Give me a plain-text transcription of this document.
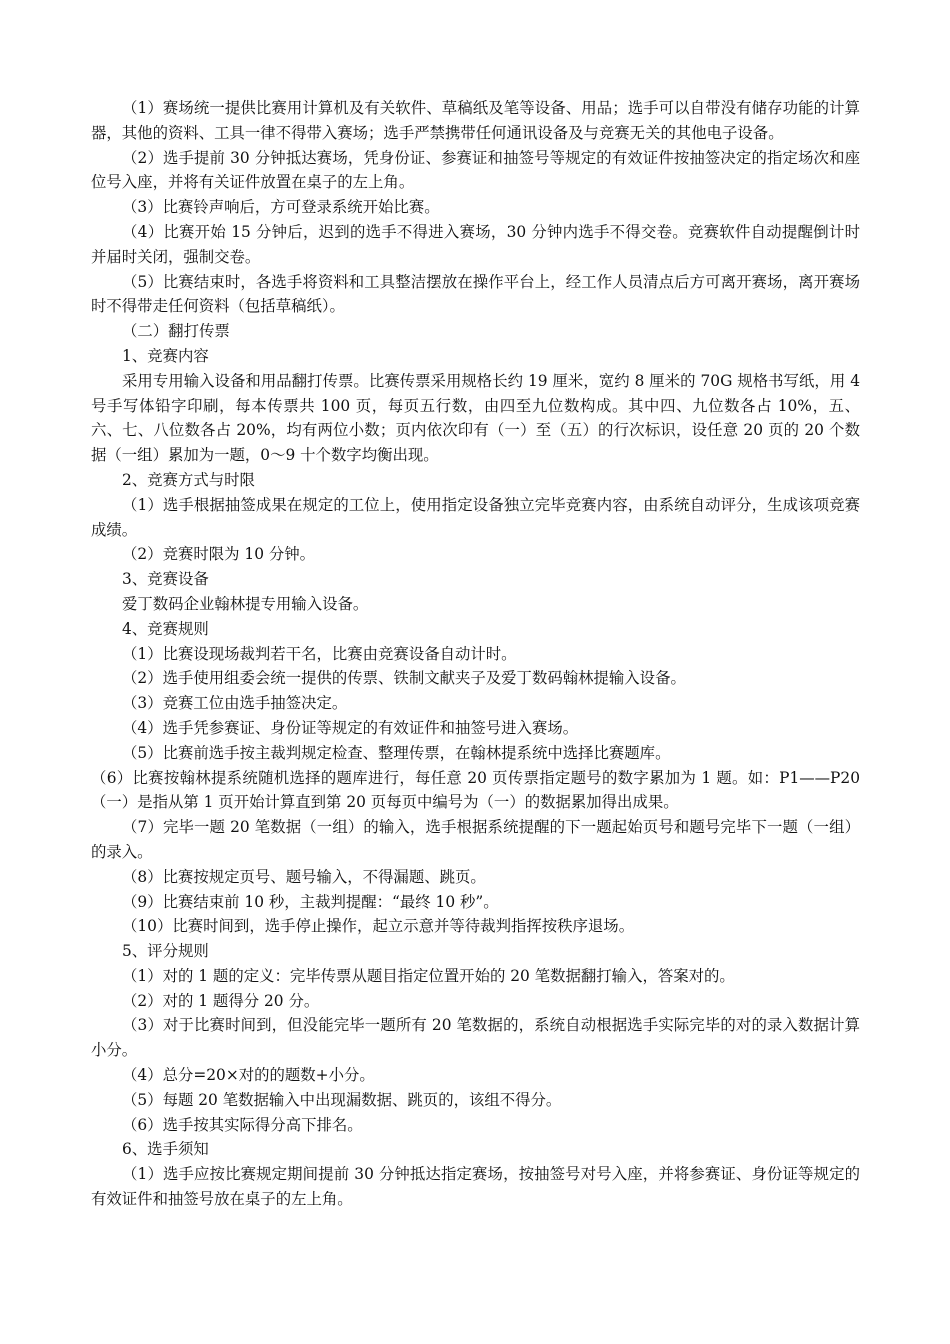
（1）赛场统一提供比赛用计算机及有关软件、草稿纸及笔等设备、用品；选手可以自带没有储存功能的计算器，其他的资料、工具一律不得带入赛场；选手严禁携带任何通讯设备及与竞赛无关的其他电子设备。

（2）选手提前 30 分钟抵达赛场，凭身份证、参赛证和抽签号等规定的有效证件按抽签决定的指定场次和座位号入座，并将有关证件放置在桌子的左上角。

（3）比赛铃声响后，方可登录系统开始比赛。

（4）比赛开始 15 分钟后，迟到的选手不得进入赛场，30 分钟内选手不得交卷。竞赛软件自动提醒倒计时并届时关闭，强制交卷。

（5）比赛结束时，各选手将资料和工具整洁摆放在操作平台上，经工作人员清点后方可离开赛场，离开赛场时不得带走任何资料（包括草稿纸）。

（二）翻打传票

1、竞赛内容

采用专用输入设备和用品翻打传票。比赛传票采用规格长约 19 厘米，宽约 8 厘米的 70G 规格书写纸，用 4 号手写体铅字印刷，每本传票共 100 页，每页五行数，由四至九位数构成。其中四、九位数各占 10%，五、六、七、八位数各占 20%，均有两位小数；页内依次印有（一）至（五）的行次标识，设任意 20 页的 20 个数据（一组）累加为一题，0～9 十个数字均衡出现。

2、竞赛方式与时限

（1）选手根据抽签成果在规定的工位上，使用指定设备独立完毕竞赛内容，由系统自动评分，生成该项竞赛成绩。

（2）竞赛时限为 10 分钟。

3、竞赛设备

爱丁数码企业翰林提专用输入设备。

4、竞赛规则

（1）比赛设现场裁判若干名，比赛由竞赛设备自动计时。

（2）选手使用组委会统一提供的传票、铁制文献夹子及爱丁数码翰林提输入设备。

（3）竞赛工位由选手抽签决定。

（4）选手凭参赛证、身份证等规定的有效证件和抽签号进入赛场。

（5）比赛前选手按主裁判规定检查、整理传票，在翰林提系统中选择比赛题库。

（6）比赛按翰林提系统随机选择的题库进行，每任意 20 页传票指定题号的数字累加为 1 题。如：P1——P20（一）是指从第 1 页开始计算直到第 20 页每页中编号为（一）的数据累加得出成果。

（7）完毕一题 20 笔数据（一组）的输入，选手根据系统提醒的下一题起始页号和题号完毕下一题（一组）的录入。

（8）比赛按规定页号、题号输入，不得漏题、跳页。

（9）比赛结束前 10 秒，主裁判提醒：“最终 10 秒”。

（10）比赛时间到，选手停止操作，起立示意并等待裁判指挥按秩序退场。

5、评分规则

（1）对的 1 题的定义：完毕传票从题目指定位置开始的 20 笔数据翻打输入，答案对的。

（2）对的 1 题得分 20 分。

（3）对于比赛时间到，但没能完毕一题所有 20 笔数据的，系统自动根据选手实际完毕的对的录入数据计算小分。

（4）总分=20×对的的题数+小分。

（5）每题 20 笔数据输入中出现漏数据、跳页的，该组不得分。

（6）选手按其实际得分高下排名。

6、选手须知

（1）选手应按比赛规定期间提前 30 分钟抵达指定赛场，按抽签号对号入座，并将参赛证、身份证等规定的有效证件和抽签号放在桌子的左上角。
